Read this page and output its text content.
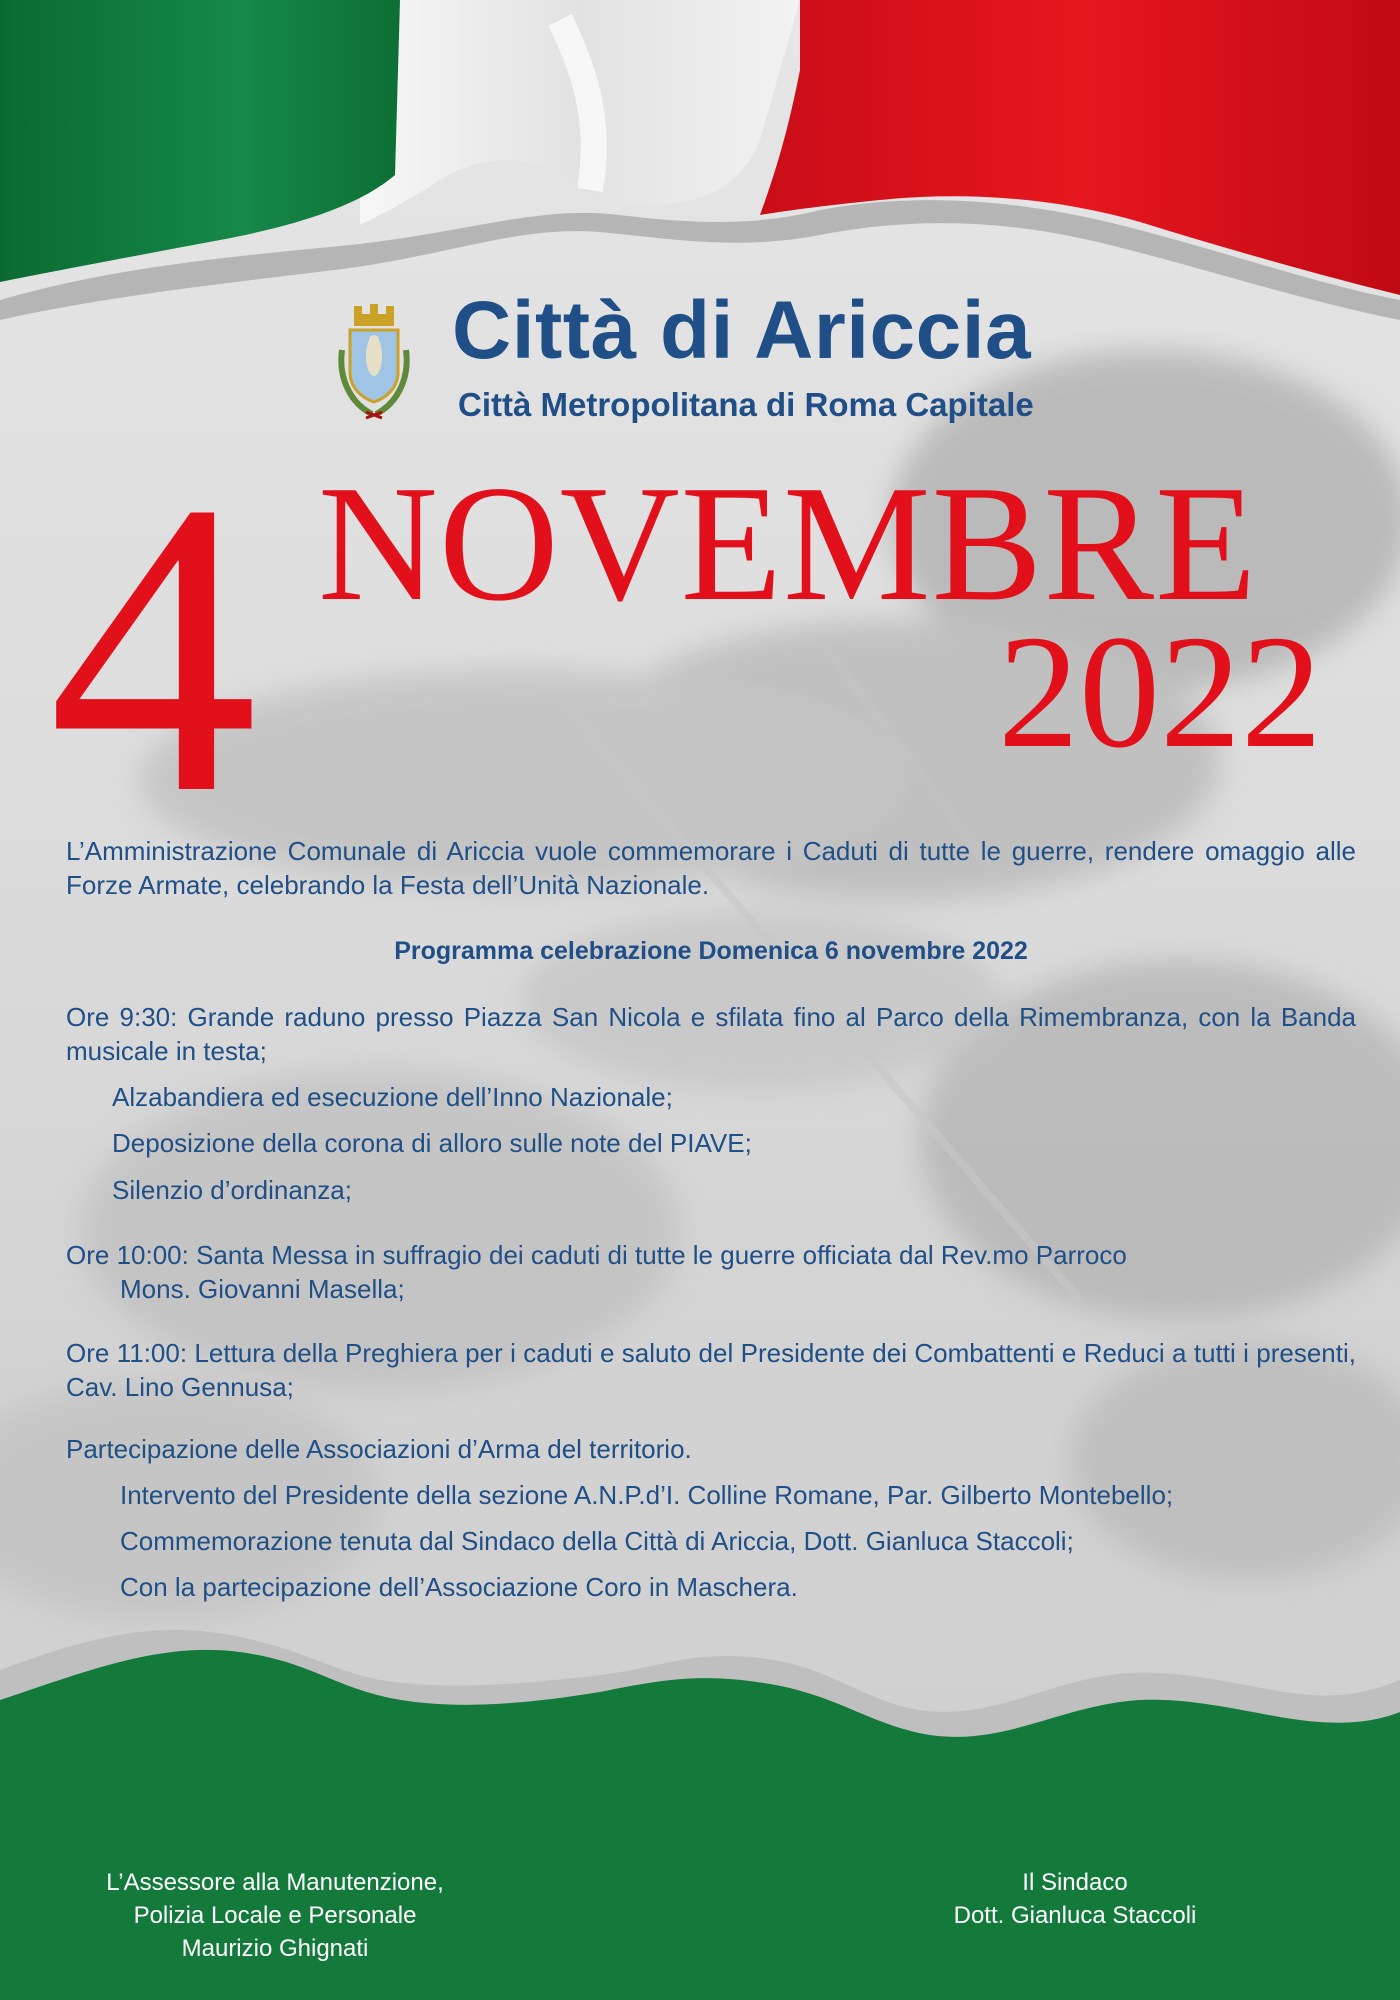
Città di Ariccia
Città Metropolitana di Roma Capitale
4 NOVEMBRE
2022

L’Amministrazione Comunale di Ariccia vuole commemorare i Caduti di tutte le guerre, rendere omaggio alle Forze Armate, celebrando la Festa dell’Unità Nazionale.

Programma celebrazione Domenica 6 novembre 2022

Ore 9:30: Grande raduno presso Piazza San Nicola e sfilata fino al Parco della Rimembranza, con la Banda musicale in testa;

Alzabandiera ed esecuzione dell’Inno Nazionale;

Deposizione della corona di alloro sulle note del PIAVE;

Silenzio d’ordinanza;

Ore 10:00: Santa Messa in suffragio dei caduti di tutte le guerre officiata dal Rev.mo Parroco

Mons. Giovanni Masella;

Ore 11:00: Lettura della Preghiera per i caduti e saluto del Presidente dei Combattenti e Reduci a tutti i presenti, Cav. Lino Gennusa;

Partecipazione delle Associazioni d’Arma del territorio.

Intervento del Presidente della sezione A.N.P.d’I. Colline Romane, Par. Gilberto Montebello;

Commemorazione tenuta dal Sindaco della Città di Ariccia, Dott. Gianluca Staccoli;

Con la partecipazione dell’Associazione Coro in Maschera.

L’Assessore alla Manutenzione,
Polizia Locale e Personale
Maurizio Ghignati

Il Sindaco
Dott. Gianluca Staccoli
